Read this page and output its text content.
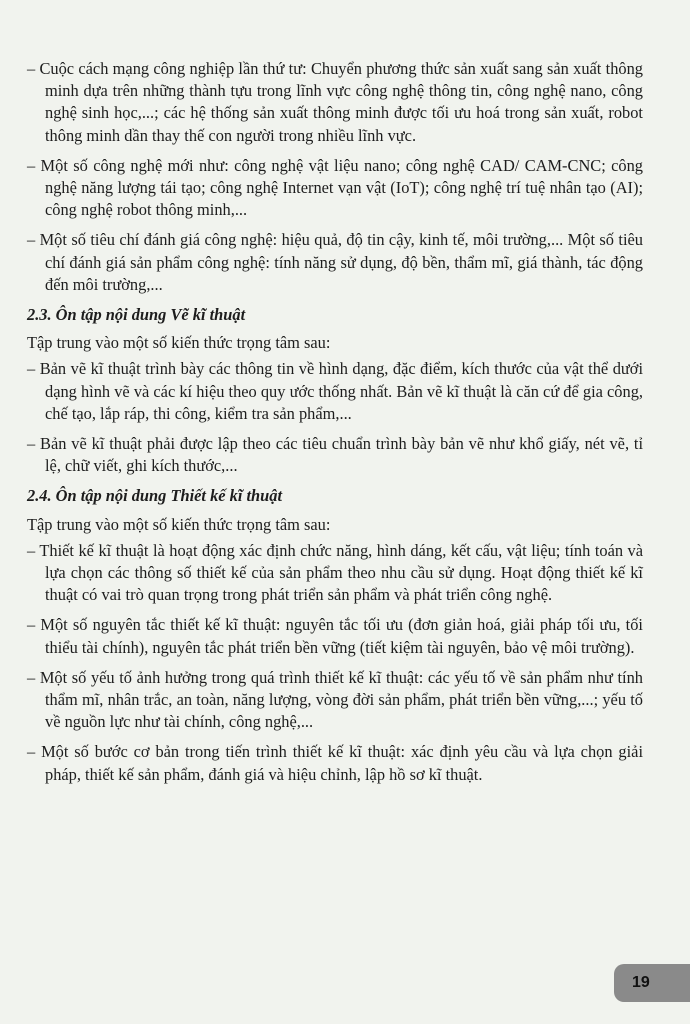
– Cuộc cách mạng công nghiệp lần thứ tư: Chuyển phương thức sản xuất sang sản xuất thông minh dựa trên những thành tựu trong lĩnh vực công nghệ thông tin, công nghệ nano, công nghệ sinh học,...; các hệ thống sản xuất thông minh được tối ưu hoá trong sản xuất, robot thông minh dần thay thế con người trong nhiều lĩnh vực.

– Một số công nghệ mới như: công nghệ vật liệu nano; công nghệ CAD/ CAM-CNC; công nghệ năng lượng tái tạo; công nghệ Internet vạn vật (IoT); công nghệ trí tuệ nhân tạo (AI); công nghệ robot thông minh,...

– Một số tiêu chí đánh giá công nghệ: hiệu quả, độ tin cậy, kinh tế, môi trường,... Một số tiêu chí đánh giá sản phẩm công nghệ: tính năng sử dụng, độ bền, thẩm mĩ, giá thành, tác động đến môi trường,...

2.3. Ôn tập nội dung Vẽ kĩ thuật

Tập trung vào một số kiến thức trọng tâm sau:

– Bản vẽ kĩ thuật trình bày các thông tin về hình dạng, đặc điểm, kích thước của vật thể dưới dạng hình vẽ và các kí hiệu theo quy ước thống nhất. Bản vẽ kĩ thuật là căn cứ để gia công, chế tạo, lắp ráp, thi công, kiểm tra sản phẩm,...

– Bản vẽ kĩ thuật phải được lập theo các tiêu chuẩn trình bày bản vẽ như khổ giấy, nét vẽ, tỉ lệ, chữ viết, ghi kích thước,...

2.4. Ôn tập nội dung Thiết kế kĩ thuật

Tập trung vào một số kiến thức trọng tâm sau:

– Thiết kế kĩ thuật là hoạt động xác định chức năng, hình dáng, kết cấu, vật liệu; tính toán và lựa chọn các thông số thiết kế của sản phẩm theo nhu cầu sử dụng. Hoạt động thiết kế kĩ thuật có vai trò quan trọng trong phát triển sản phẩm và phát triển công nghệ.

– Một số nguyên tắc thiết kế kĩ thuật: nguyên tắc tối ưu (đơn giản hoá, giải pháp tối ưu, tối thiểu tài chính), nguyên tắc phát triển bền vững (tiết kiệm tài nguyên, bảo vệ môi trường).

– Một số yếu tố ảnh hưởng trong quá trình thiết kế kĩ thuật: các yếu tố về sản phẩm như tính thẩm mĩ, nhân trắc, an toàn, năng lượng, vòng đời sản phẩm, phát triển bền vững,...; yếu tố về nguồn lực như tài chính, công nghệ,...

– Một số bước cơ bản trong tiến trình thiết kế kĩ thuật: xác định yêu cầu và lựa chọn giải pháp, thiết kế sản phẩm, đánh giá và hiệu chỉnh, lập hồ sơ kĩ thuật.

19
